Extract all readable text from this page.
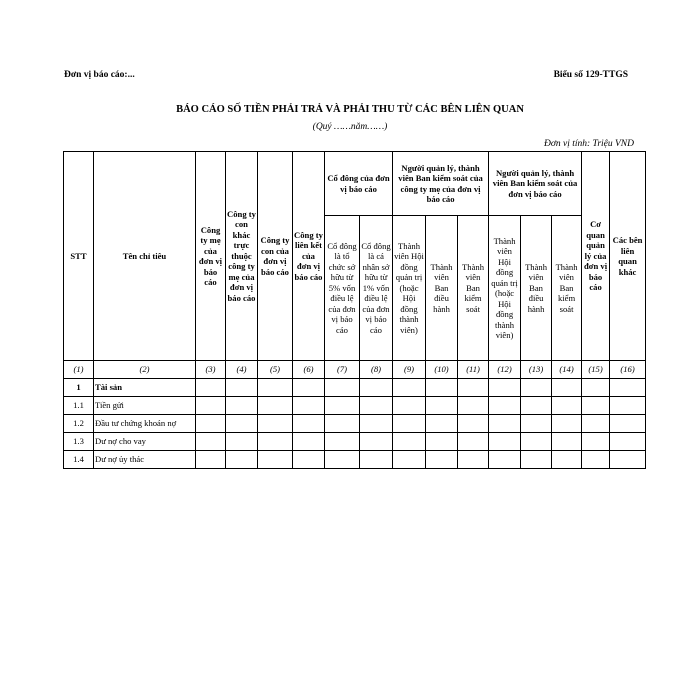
Đơn vị báo cáo:...	Biểu số 129-TTGS
BÁO CÁO SỐ TIỀN PHẢI TRẢ VÀ PHẢI THU TỪ CÁC BÊN LIÊN QUAN
(Quý ……năm……)
Đơn vị tính: Triệu VND
STT	Tên chỉ tiêu	Công ty mẹ của đơn vị báo cáo	Công ty con khác trực thuộc công ty mẹ của đơn vị báo cáo	Công ty con của đơn vị báo cáo	Công ty liên kết của đơn vị báo cáo	Cổ đông của đơn vị báo cáo		Người quản lý, thành viên Ban kiểm soát của công ty mẹ của đơn vị báo cáo			Người quản lý, thành viên Ban kiểm soát của đơn vị báo cáo			Cơ quan quản lý của đơn vị báo cáo	Các bên liên quan khác
						Cổ đông là tổ chức sở hữu từ 5% vốn điều lệ của đơn vị báo cáo	Cổ đông là cá nhân sở hữu từ 1% vốn điều lệ của đơn vị báo cáo	Thành viên Hội đồng quản trị (hoặc Hội đồng thành viên)	Thành viên Ban điều hành	Thành viên Ban kiểm soát	Thành viên Hội đồng quản trị (hoặc Hội đồng thành viên)	Thành viên Ban điều hành	Thành viên Ban kiểm soát		
(1)	(2)	(3)	(4)	(5)	(6)	(7)	(8)	(9)	(10)	(11)	(12)	(13)	(14)	(15)	(16)
1	Tài sản														
1.1	Tiền gửi														
1.2	Đầu tư chứng khoán nợ														
1.3	Dư nợ cho vay														
1.4	Dư nợ ủy thác														
